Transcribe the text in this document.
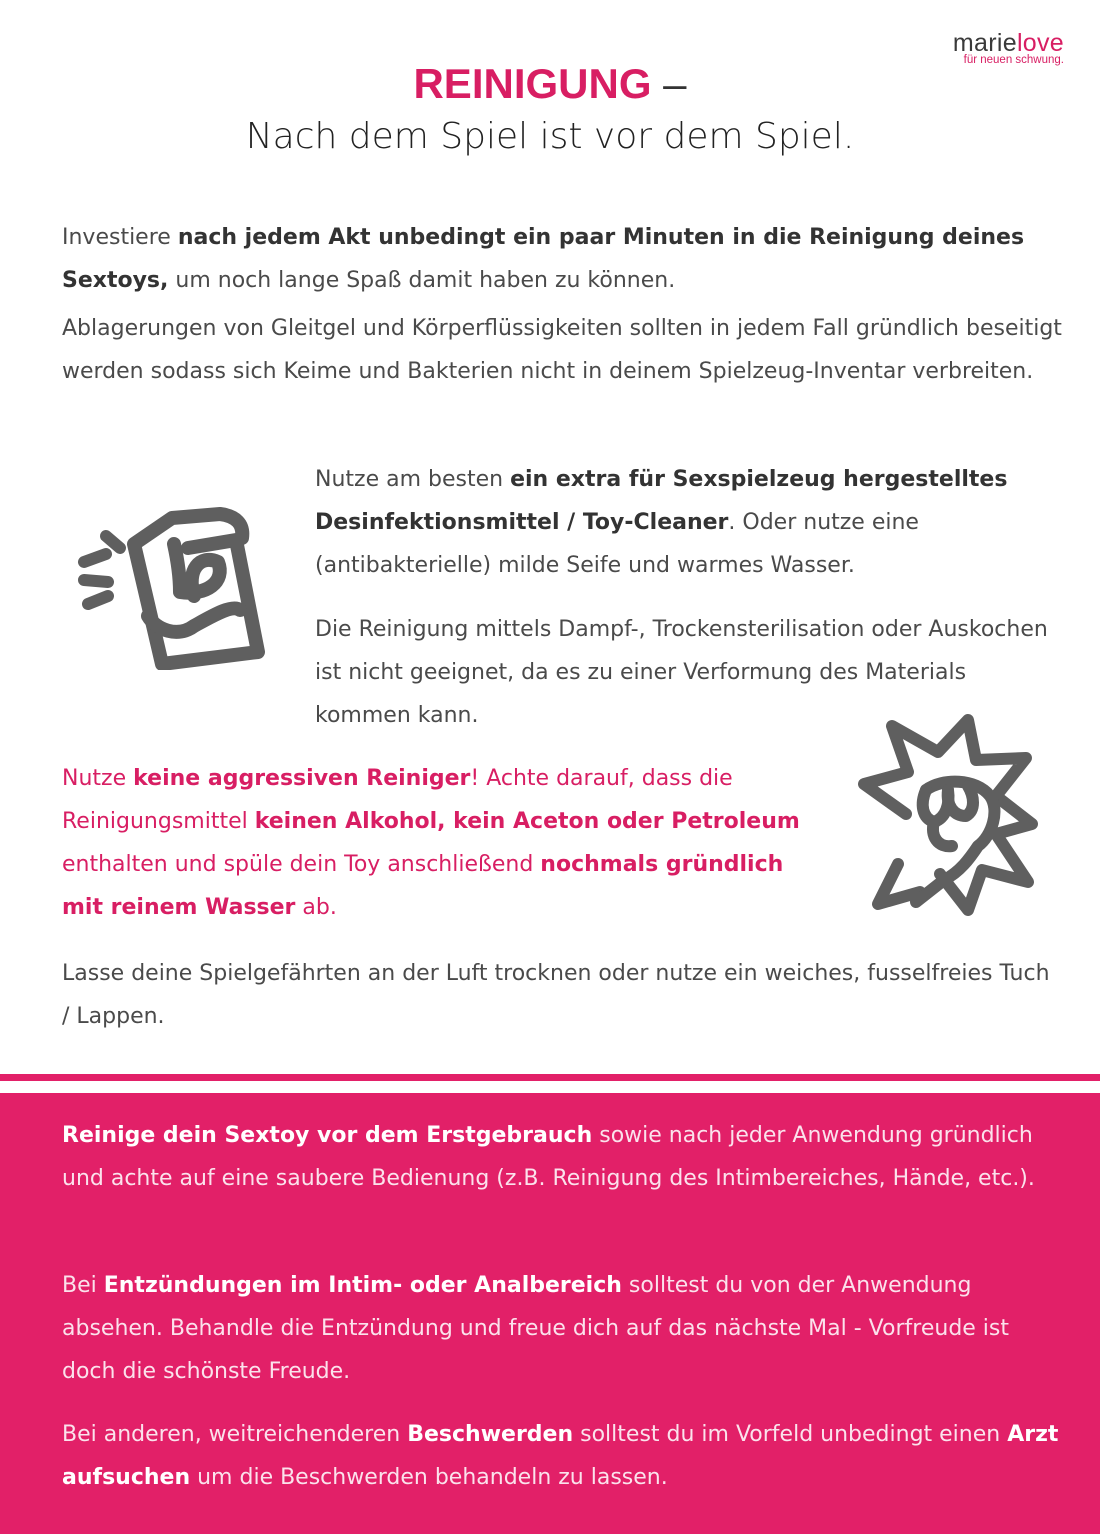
marielove
für neuen schwung.
REINIGUNG –
Nach dem Spiel ist vor dem Spiel.

Investiere nach jedem Akt unbedingt ein paar Minuten in die Reinigung deines Sextoys, um noch lange Spaß damit haben zu können.

Ablagerungen von Gleitgel und Körperflüssigkeiten sollten in jedem Fall gründlich beseitigt werden sodass sich Keime und Bakterien nicht in deinem Spielzeug-Inventar verbreiten.

Nutze am besten ein extra für Sexspielzeug hergestelltes Desinfektionsmittel / Toy-Cleaner. Oder nutze eine (antibakterielle) milde Seife und warmes Wasser.

Die Reinigung mittels Dampf-, Trockensterilisation oder Auskochen ist nicht geeignet, da es zu einer Verformung des Materials kommen kann.

Nutze keine aggressiven Reiniger! Achte darauf, dass die Reinigungsmittel keinen Alkohol, kein Aceton oder Petroleum enthalten und spüle dein Toy anschließend nochmals gründlich mit reinem Wasser ab.

Lasse deine Spielgefährten an der Luft trocknen oder nutze ein weiches, fusselfreies Tuch / Lappen.

Reinige dein Sextoy vor dem Erstgebrauch sowie nach jeder Anwendung gründlich und achte auf eine saubere Bedienung (z.B. Reinigung des Intimbereiches, Hände, etc.).

Bei Entzündungen im Intim- oder Analbereich solltest du von der Anwendung absehen. Behandle die Entzündung und freue dich auf das nächste Mal - Vorfreude ist doch die schönste Freude.

Bei anderen, weitreichenderen Beschwerden solltest du im Vorfeld unbedingt einen Arzt aufsuchen um die Beschwerden behandeln zu lassen.
